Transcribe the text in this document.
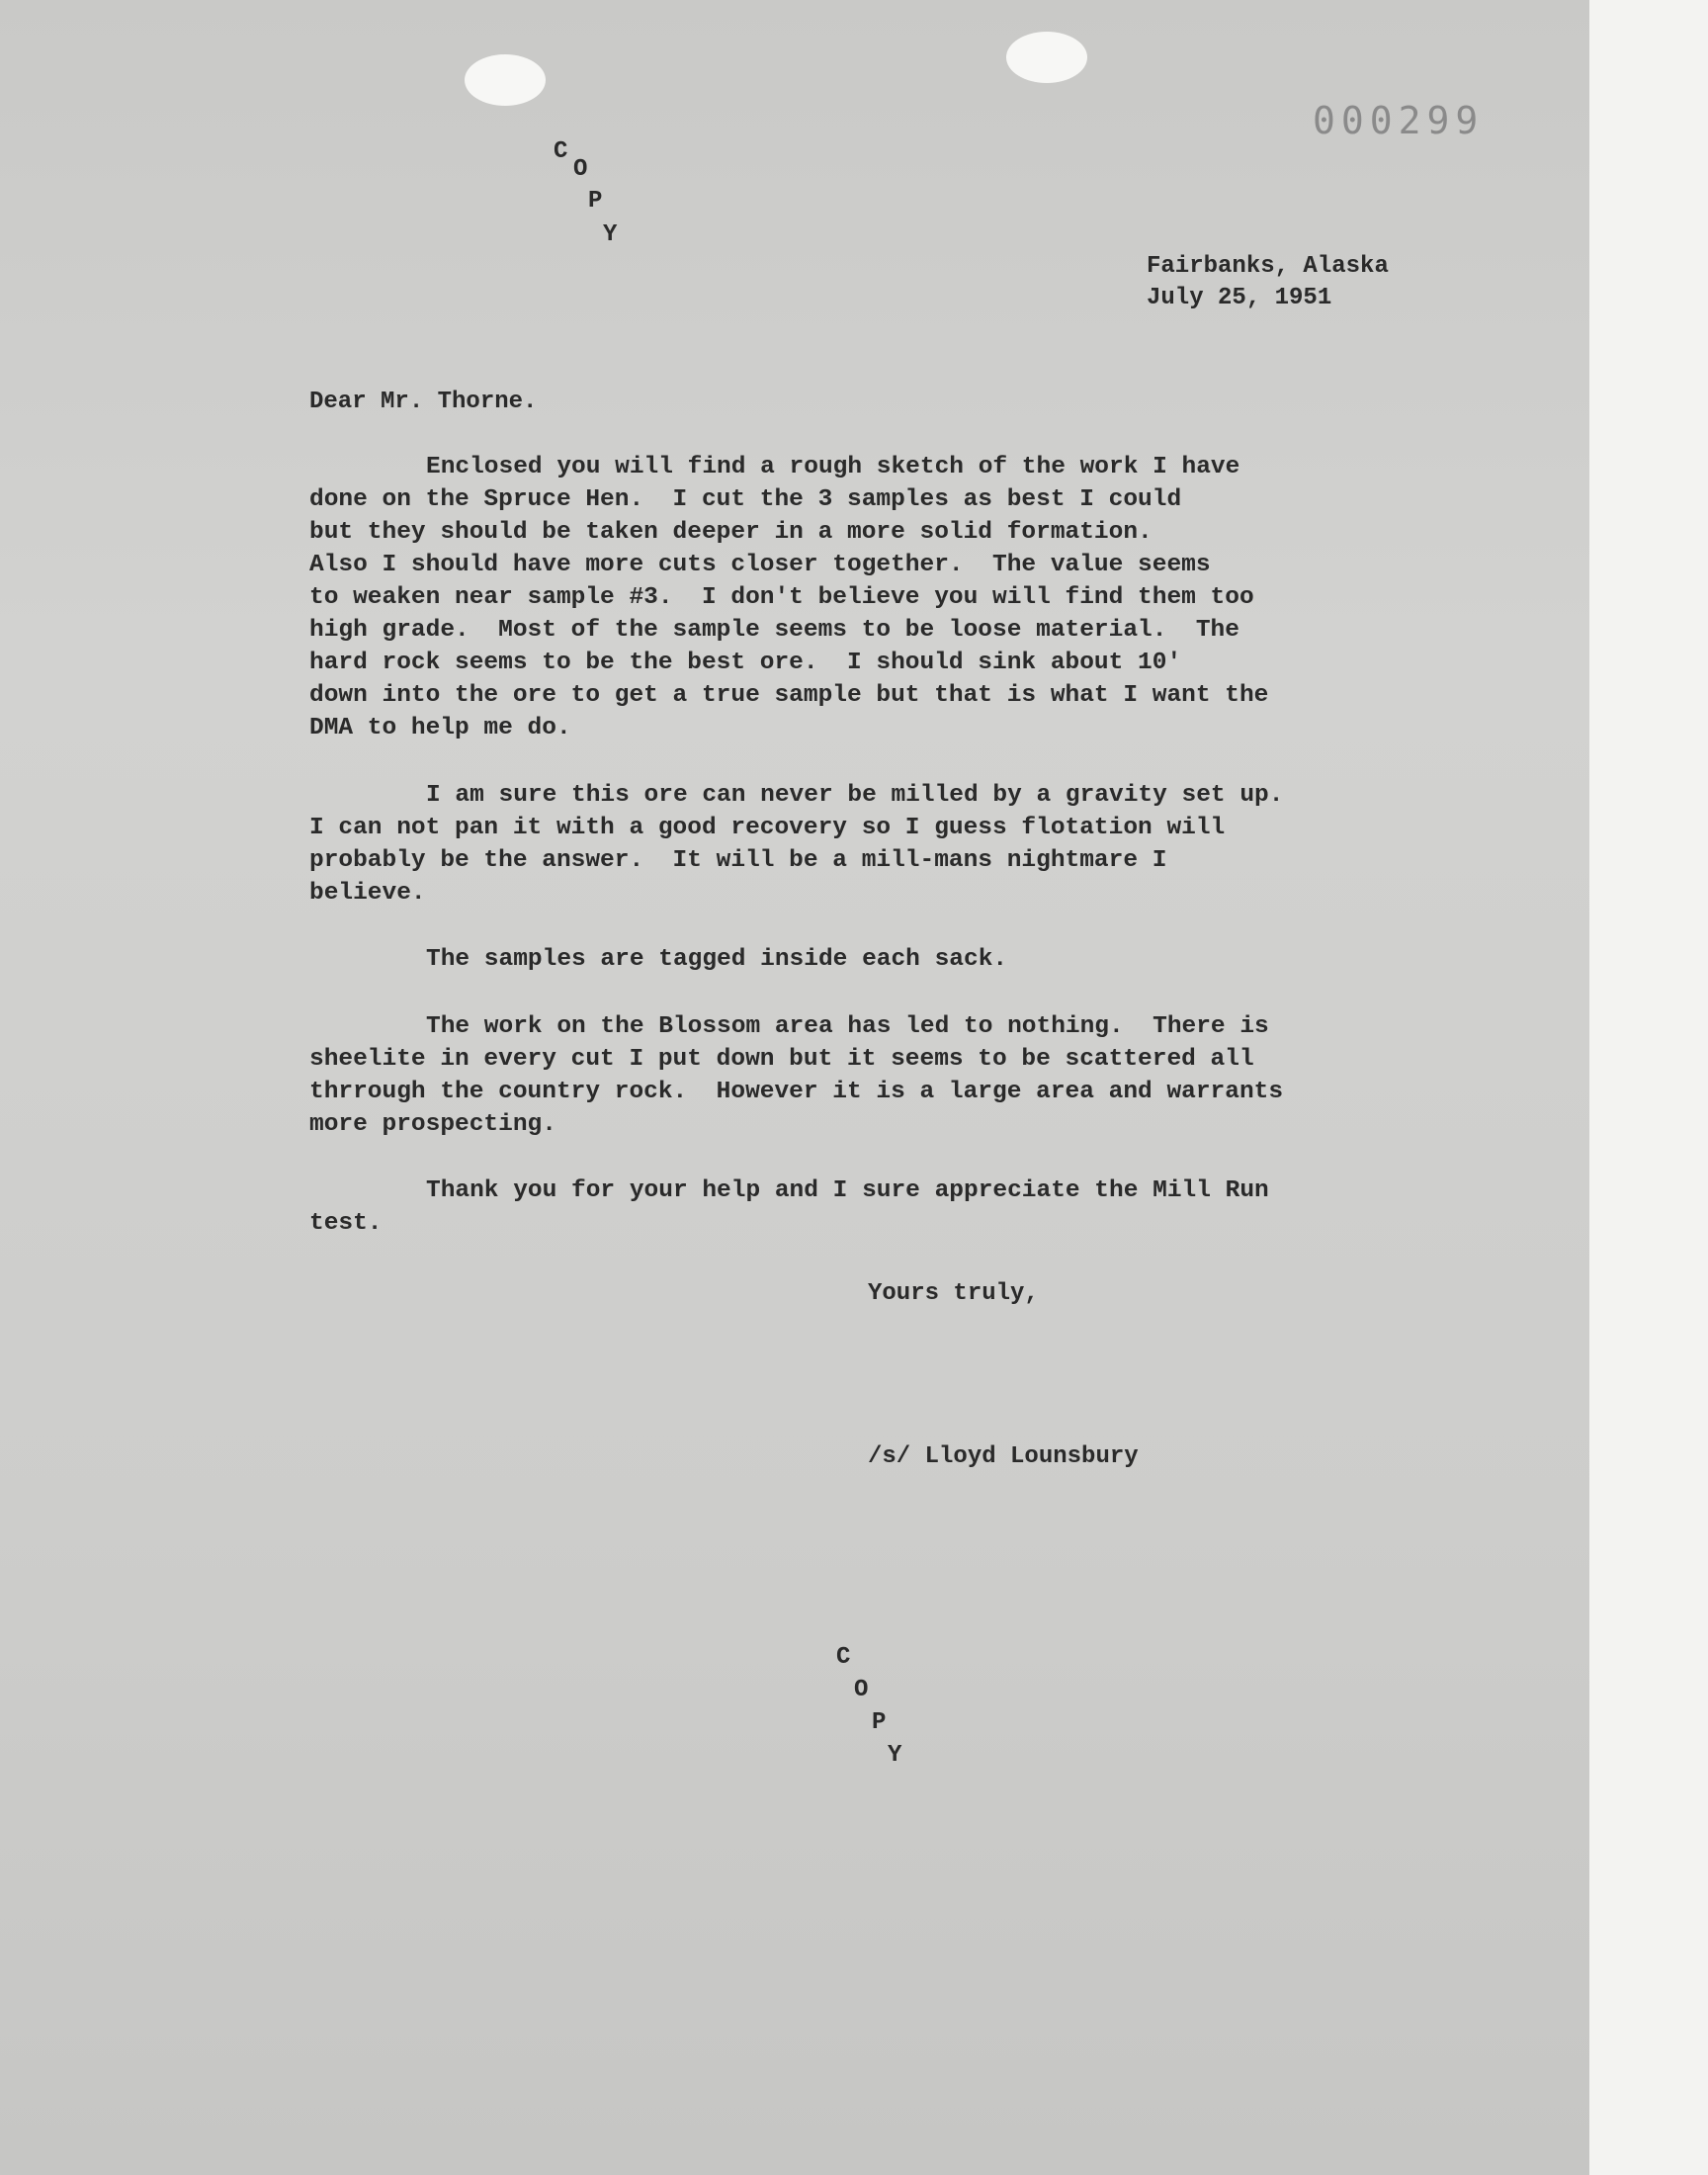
000299
C
O
P
Y
Fairbanks, Alaska
July 25, 1951
Dear Mr. Thorne.
Enclosed you will find a rough sketch of the work I have
done on the Spruce Hen.  I cut the 3 samples as best I could
but they should be taken deeper in a more solid formation.
Also I should have more cuts closer together.  The value seems
to weaken near sample #3.  I don't believe you will find them too
high grade.  Most of the sample seems to be loose material.  The
hard rock seems to be the best ore.  I should sink about 10'
down into the ore to get a true sample but that is what I want the
DMA to help me do.
I am sure this ore can never be milled by a gravity set up.
I can not pan it with a good recovery so I guess flotation will
probably be the answer.  It will be a mill-mans nightmare I
believe.
The samples are tagged inside each sack.
The work on the Blossom area has led to nothing.  There is
sheelite in every cut I put down but it seems to be scattered all
thrrough the country rock.  However it is a large area and warrants
more prospecting.
Thank you for your help and I sure appreciate the Mill Run
test.
Yours truly,
/s/ Lloyd Lounsbury
C
O
P
Y
